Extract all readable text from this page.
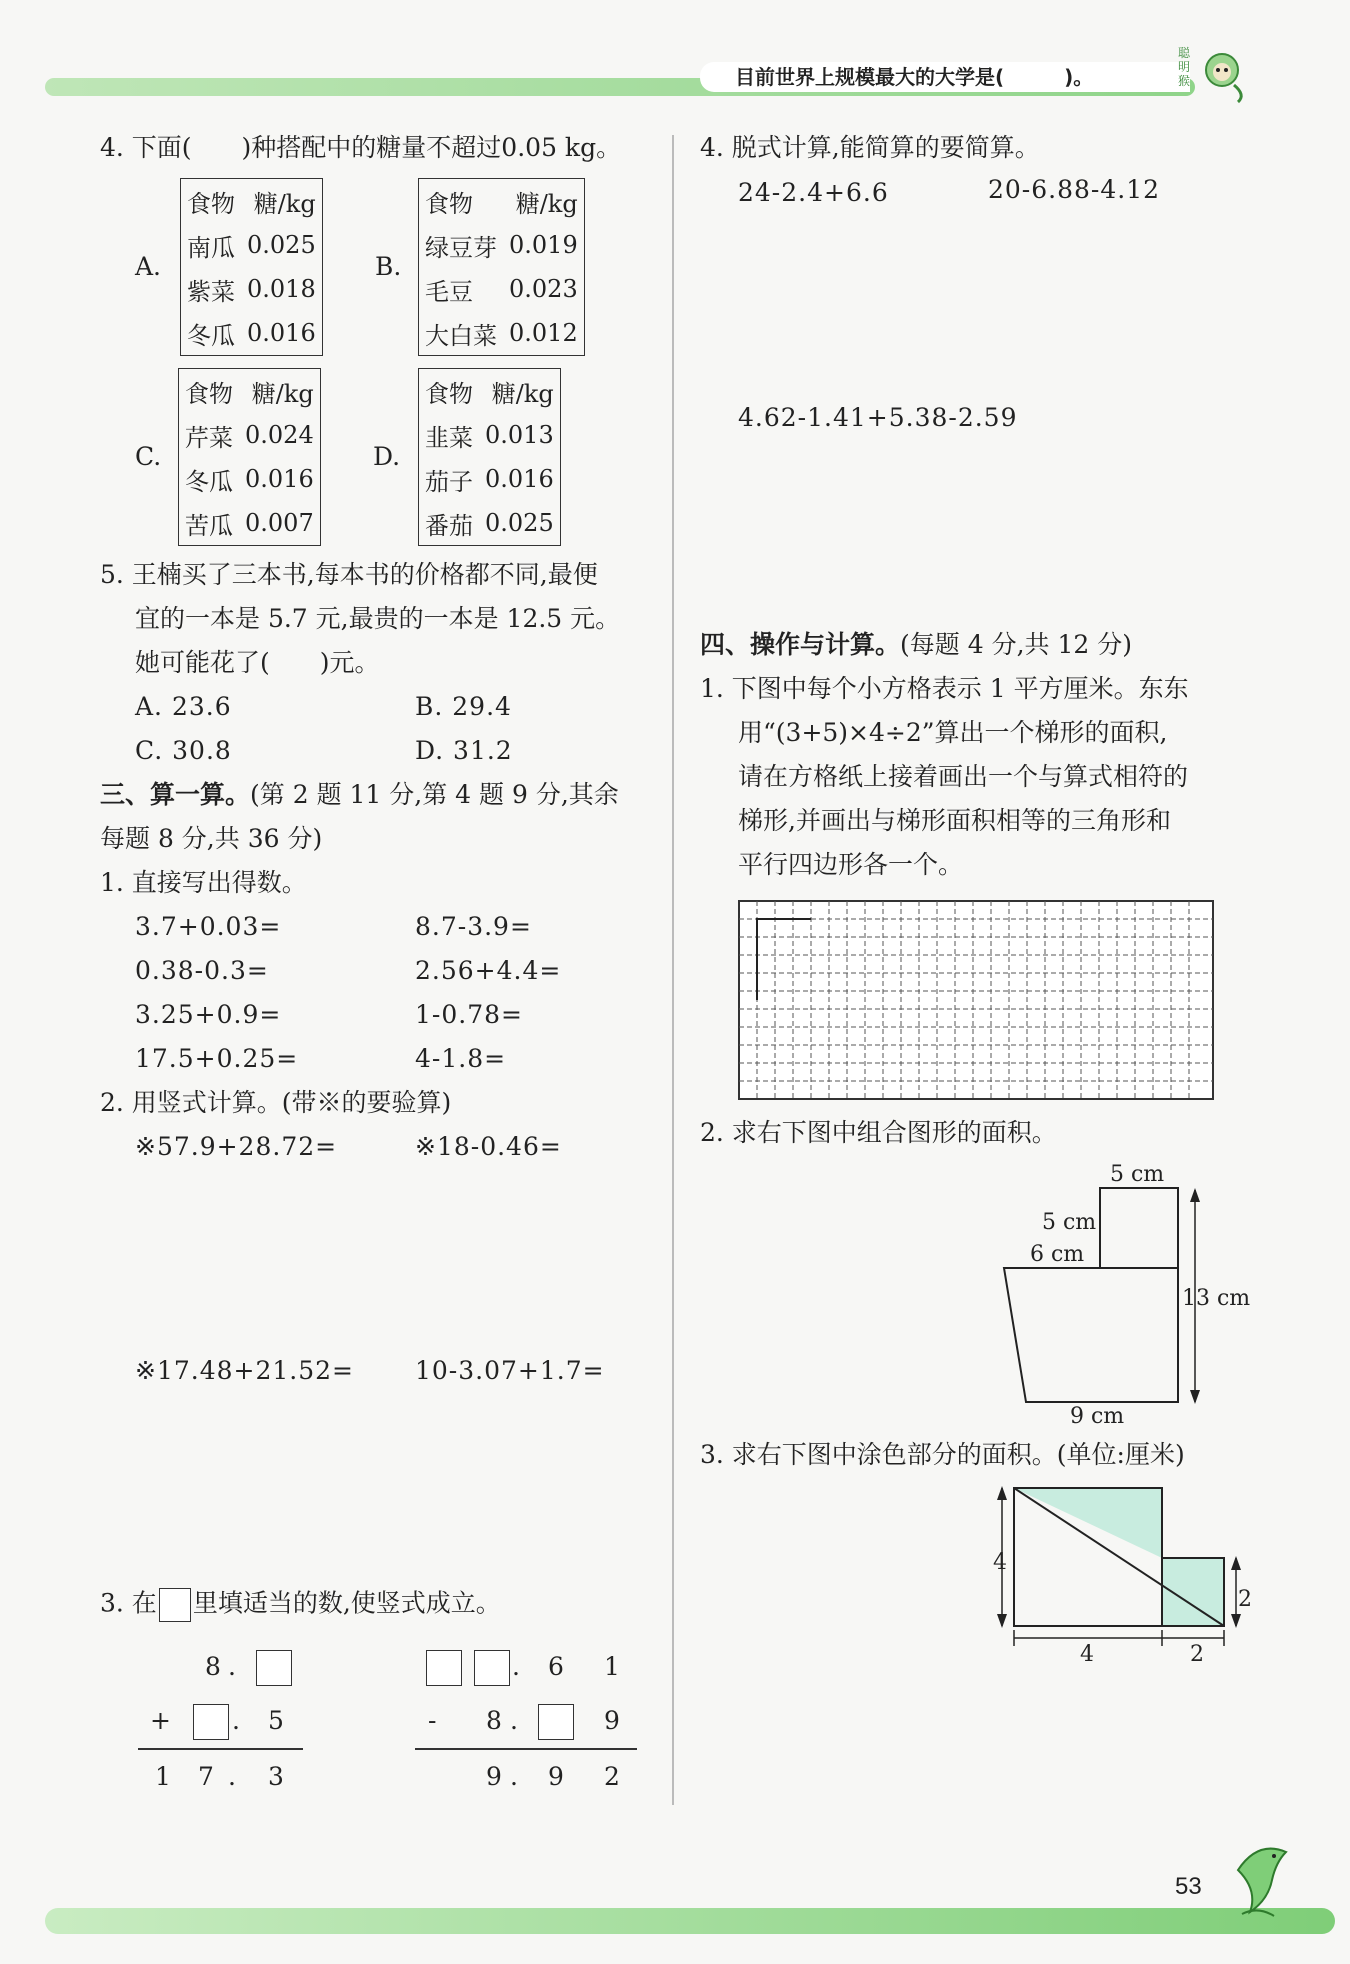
目前世界上规模最大的大学是(　　　)。
聪明猴
4. 下面(　　)种搭配中的糖量不超过0.05 kg。
A.
食物	糖/kg
南瓜	0.025
紫菜	0.018
冬瓜	0.016
B.
食物	糖/kg
绿豆芽	0.019
毛豆	0.023
大白菜	0.012
C.
食物	糖/kg
芹菜	0.024
冬瓜	0.016
苦瓜	0.007
D.
食物	糖/kg
韭菜	0.013
茄子	0.016
番茄	0.025
5. 王楠买了三本书,每本书的价格都不同,最便
宜的一本是 5.7 元,最贵的一本是 12.5 元。
她可能花了(　　)元。
A. 23.6	B. 29.4
C. 30.8	D. 31.2
三、算一算。(第 2 题 11 分,第 4 题 9 分,其余
每题 8 分,共 36 分)
1. 直接写出得数。
3.7+0.03=	8.7-3.9=
0.38-0.3=	2.56+4.4=
3.25+0.9=	1-0.78=
17.5+0.25=	4-1.8=
2. 用竖式计算。(带※的要验算)
※57.9+28.72=	※18-0.46=
※17.48+21.52= 10-3.07+1.7=
3. 在 里填适当的数,使竖式成立。
8 .
+ . 5
1 7 . 3
. 6 1
- 8 .	9
9 . 9 2
4. 脱式计算,能简算的要简算。
24-2.4+6.6	20-6.88-4.12
4.62-1.41+5.38-2.59
四、操作与计算。(每题 4 分,共 12 分)
1. 下图中每个小方格表示 1 平方厘米。东东
用“(3+5)×4÷2”算出一个梯形的面积,
请在方格纸上接着画出一个与算式相符的
梯形,并画出与梯形面积相等的三角形和
平行四边形各一个。
2. 求右下图中组合图形的面积。
5 cm
5 cm
6 cm
13 cm
9 cm
3. 求右下图中涂色部分的面积。(单位:厘米)
4
2
4	2
53
